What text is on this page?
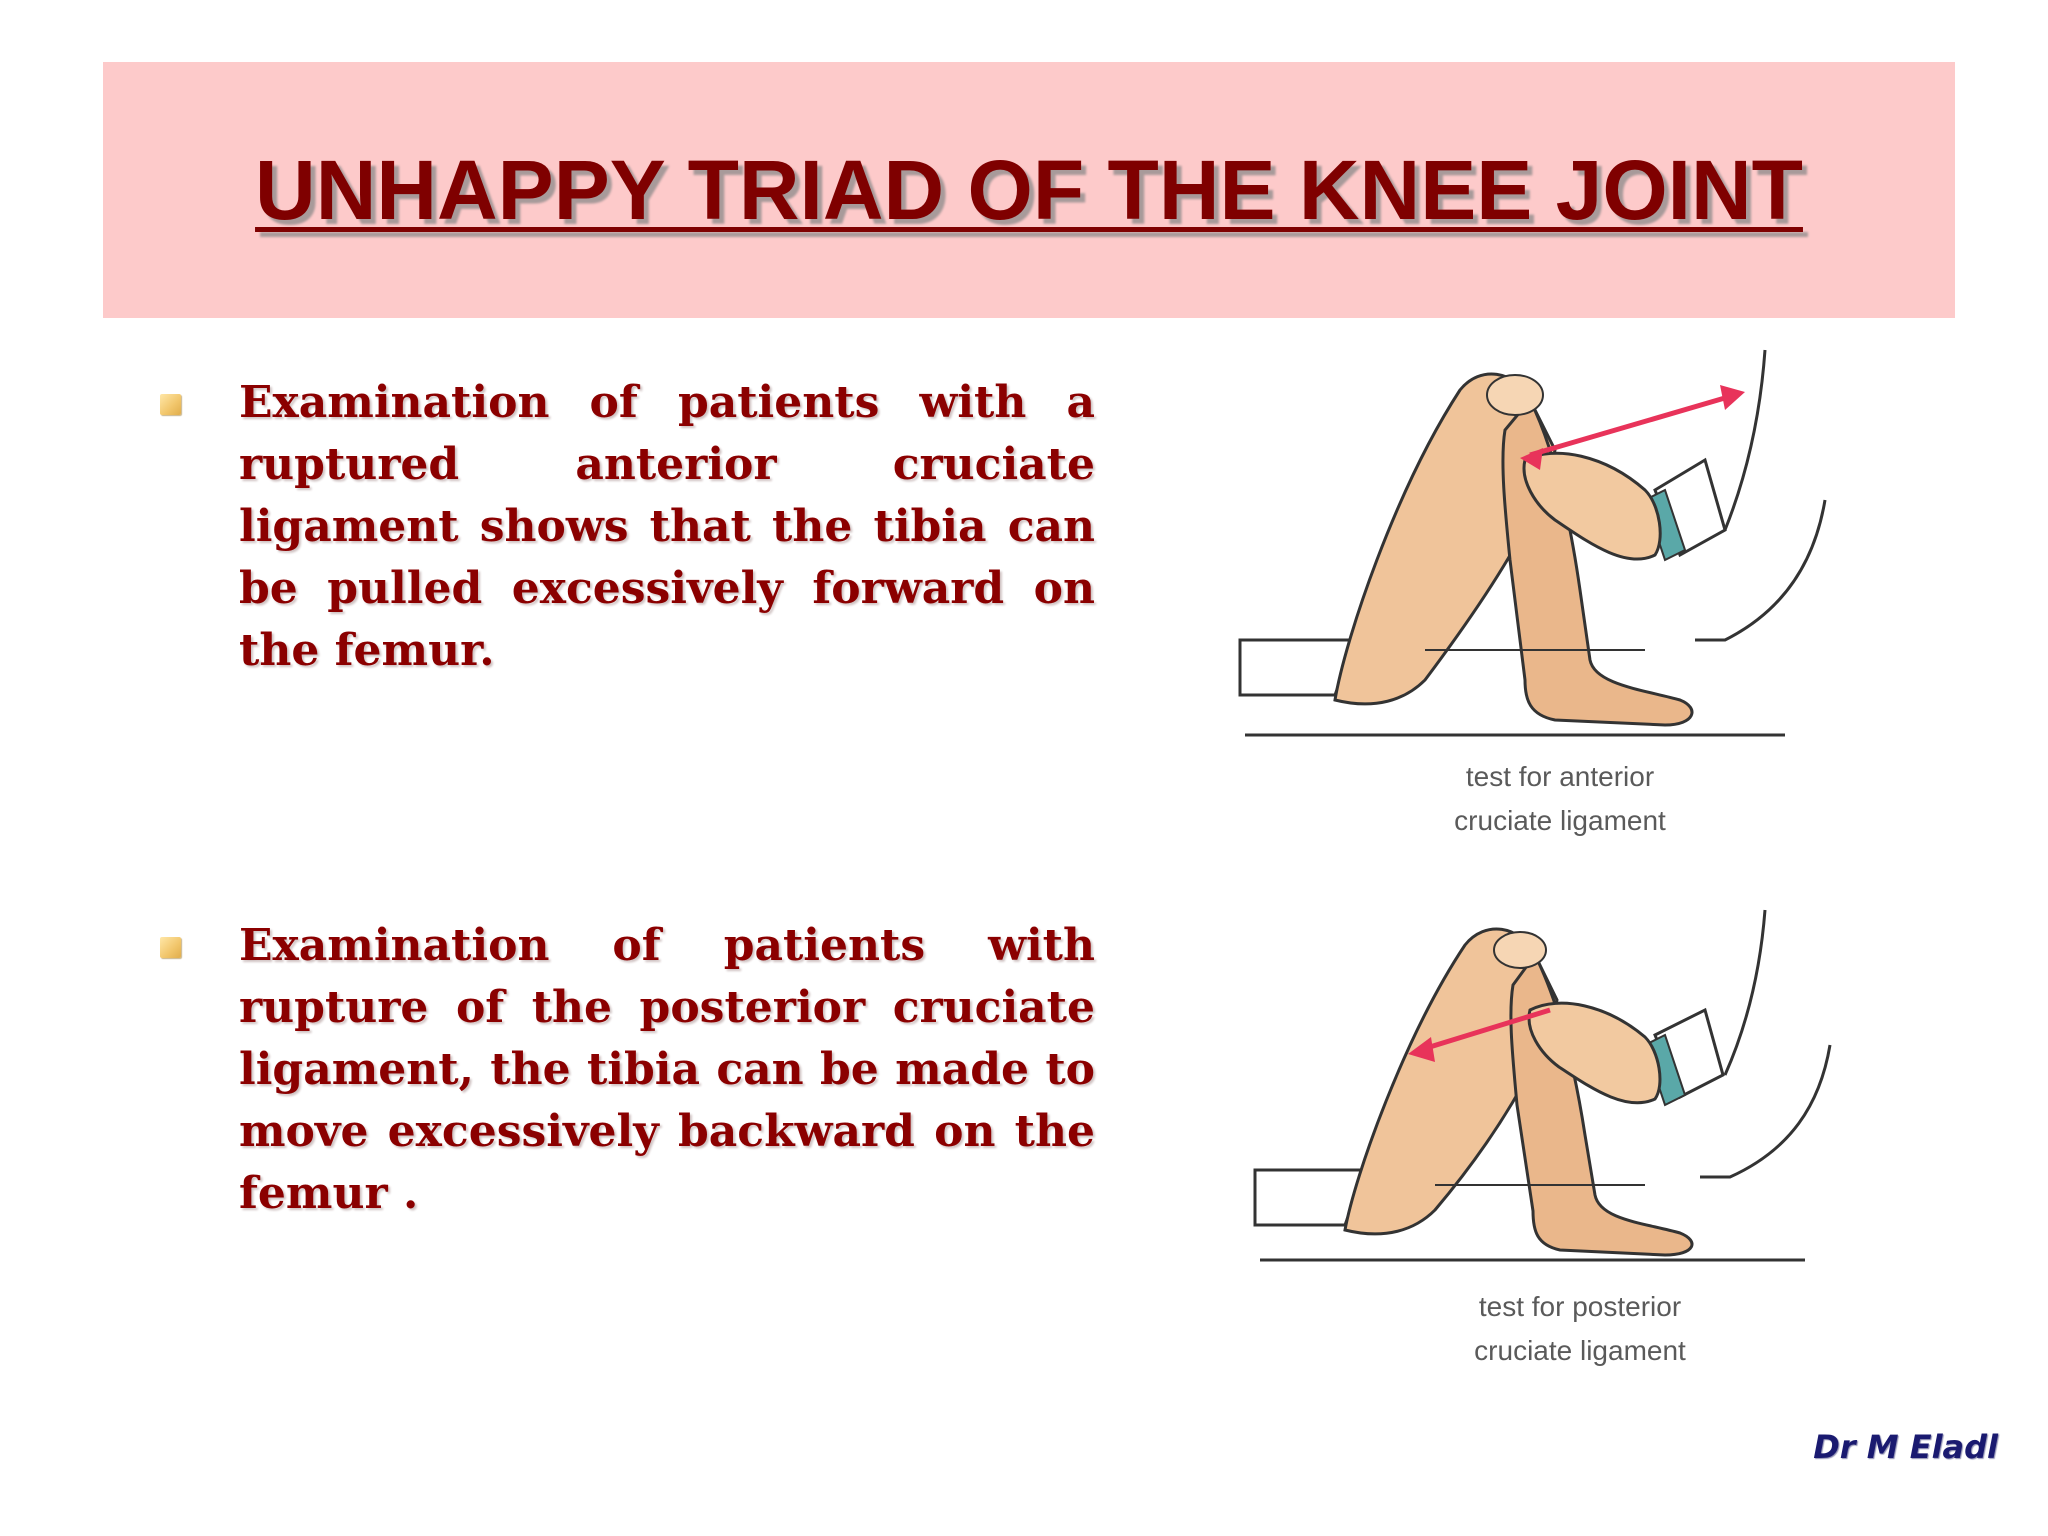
UNHAPPY TRIAD OF THE KNEE JOINT

Examination of patients with a ruptured anterior cruciate ligament shows that the tibia can be pulled excessively forward on the femur.

Examination of patients with rupture of the posterior cruciate ligament, the tibia can be made to move excessively backward on the femur .

test for anterior
cruciate ligament
test for posterior
cruciate ligament
Dr M Eladl
